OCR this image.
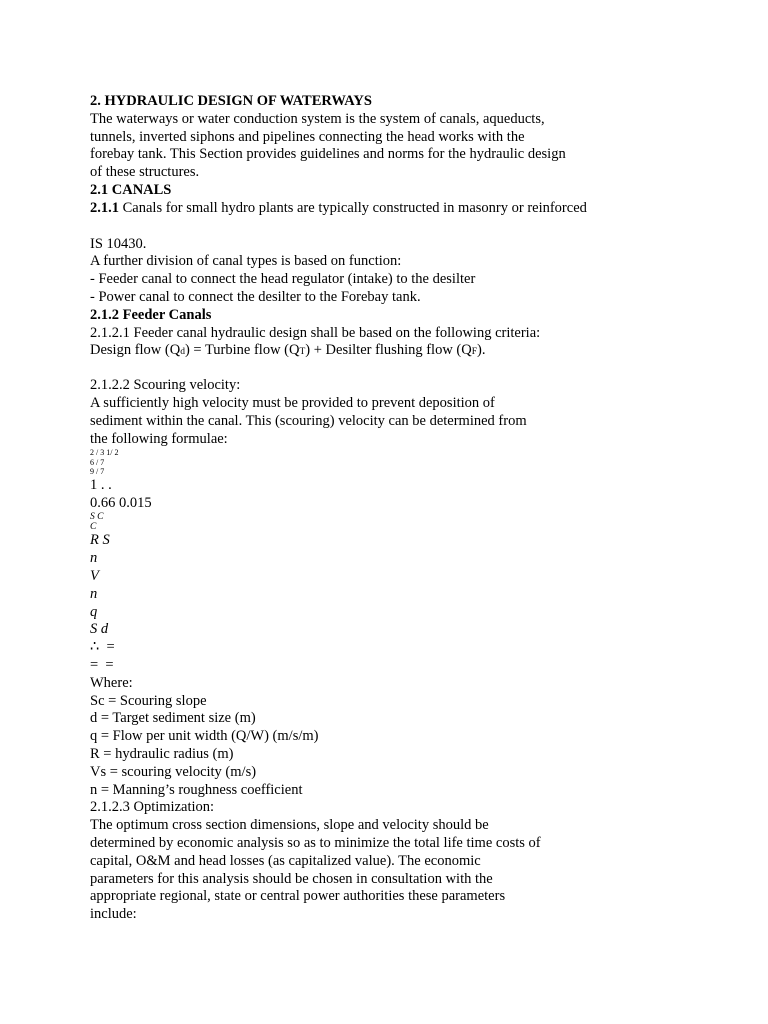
2. HYDRAULIC DESIGN OF WATERWAYS
The waterways or water conduction system is the system of canals, aqueducts,
tunnels, inverted siphons and pipelines connecting the head works with the
forebay tank. This Section provides guidelines and norms for the hydraulic design
of these structures.
2.1 CANALS
2.1.1 Canals for small hydro plants are typically constructed in masonry or reinforced
IS 10430.
A further division of canal types is based on function:
- Feeder canal to connect the head regulator (intake) to the desilter
- Power canal to connect the desilter to the Forebay tank.
2.1.2 Feeder Canals
2.1.2.1 Feeder canal hydraulic design shall be based on the following criteria:
Design flow (Qd) = Turbine flow (QT) + Desilter flushing flow (QF).
2.1.2.2 Scouring velocity:
A sufficiently high velocity must be provided to prevent deposition of
sediment within the canal. This (scouring) velocity can be determined from
the following formulae:
2 / 3 1/ 2
6 / 7
9 / 7
1 . .
0.66 0.015
S C
C
R S
n
V
n
q
S d
∴  =
=  =
Where:
Sc = Scouring slope
d = Target sediment size (m)
q = Flow per unit width (Q/W) (m/s/m)
R = hydraulic radius (m)
Vs = scouring velocity (m/s)
n = Manning’s roughness coefficient
2.1.2.3 Optimization:
The optimum cross section dimensions, slope and velocity should be
determined by economic analysis so as to minimize the total life time costs of
capital, O&M and head losses (as capitalized value). The economic
parameters for this analysis should be chosen in consultation with the
appropriate regional, state or central power authorities these parameters
include:
